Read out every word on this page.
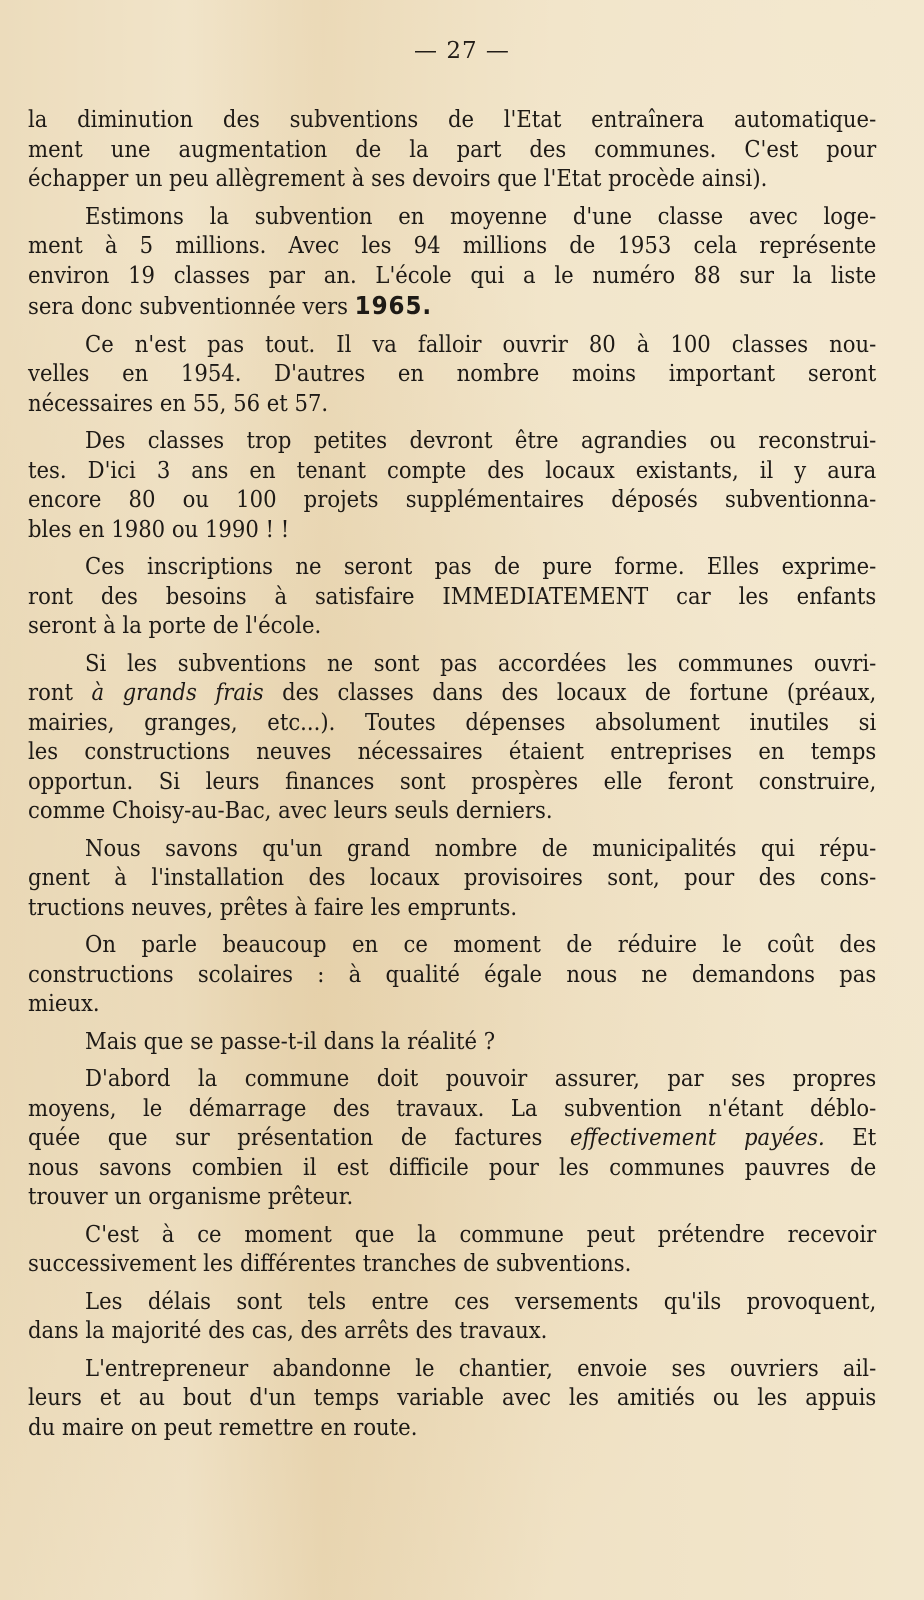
— 27 —

la diminution des subventions de l'Etat entraînera automatique-
ment une augmentation de la part des communes. C'est pour
échapper un peu allègrement à ses devoirs que l'Etat procède ainsi).

Estimons la subvention en moyenne d'une classe avec loge-
ment à 5 millions. Avec les 94 millions de 1953 cela représente
environ 19 classes par an. L'école qui a le numéro 88 sur la liste
sera donc subventionnée vers 1965.

Ce n'est pas tout. Il va falloir ouvrir 80 à 100 classes nou-
velles en 1954. D'autres en nombre moins important seront
nécessaires en 55, 56 et 57.

Des classes trop petites devront être agrandies ou reconstrui-
tes. D'ici 3 ans en tenant compte des locaux existants, il y aura
encore 80 ou 100 projets supplémentaires déposés subventionna-
bles en 1980 ou 1990 ! !

Ces inscriptions ne seront pas de pure forme. Elles exprime-
ront des besoins à satisfaire IMMEDIATEMENT car les enfants
seront à la porte de l'école.

Si les subventions ne sont pas accordées les communes ouvri-
ront à grands frais des classes dans des locaux de fortune (préaux,
mairies, granges, etc...). Toutes dépenses absolument inutiles si
les constructions neuves nécessaires étaient entreprises en temps
opportun. Si leurs finances sont prospères elle feront construire,
comme Choisy-au-Bac, avec leurs seuls derniers.

Nous savons qu'un grand nombre de municipalités qui répu-
gnent à l'installation des locaux provisoires sont, pour des cons-
tructions neuves, prêtes à faire les emprunts.

On parle beaucoup en ce moment de réduire le coût des
constructions scolaires : à qualité égale nous ne demandons pas
mieux.

Mais que se passe-t-il dans la réalité ?

D'abord la commune doit pouvoir assurer, par ses propres
moyens, le démarrage des travaux. La subvention n'étant déblo-
quée que sur présentation de factures effectivement payées. Et
nous savons combien il est difficile pour les communes pauvres de
trouver un organisme prêteur.

C'est à ce moment que la commune peut prétendre recevoir
successivement les différentes tranches de subventions.

Les délais sont tels entre ces versements qu'ils provoquent,
dans la majorité des cas, des arrêts des travaux.

L'entrepreneur abandonne le chantier, envoie ses ouvriers ail-
leurs et au bout d'un temps variable avec les amitiés ou les appuis
du maire on peut remettre en route.
